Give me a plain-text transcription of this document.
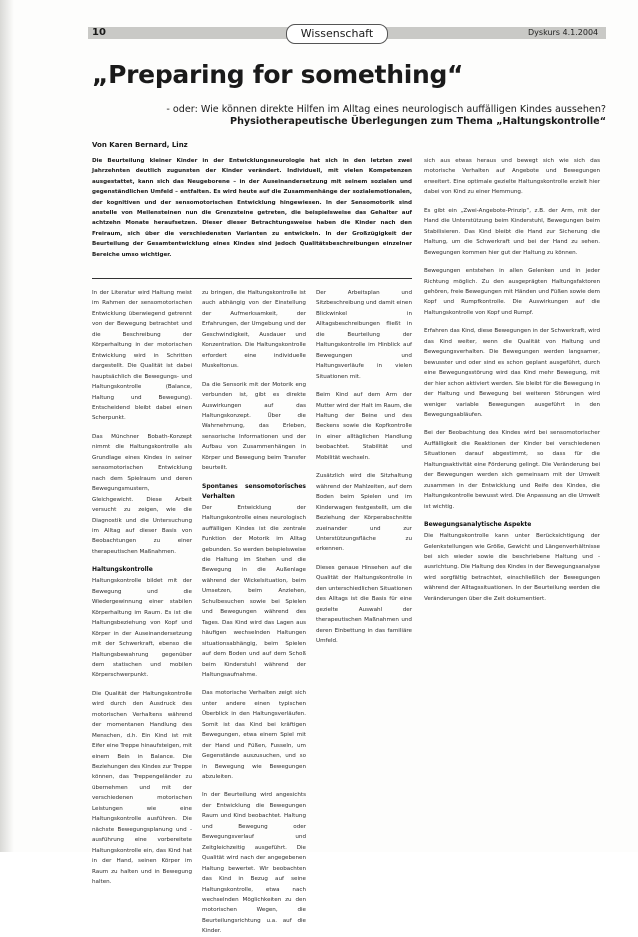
10	Wissenschaft	Dyskurs 4.1.2004
„Preparing for something“
- oder: Wie können direkte Hilfen im Alltag eines neurologisch auffälligen Kindes aussehen?
Physiotherapeutische Überlegungen zum Thema „Haltungskontrolle“
Von Karen Bernard, Linz
Die Beurteilung kleiner Kinder in der Entwicklungsneurologie hat sich in den letzten zwei Jahrzehnten deutlich zugunsten der Kinder verändert. Individuell, mit vielen Kompetenzen ausgestattet, kann sich das Neugeborene – in der Auseinandersetzung mit seinem sozialen und gegenständlichen Umfeld – entfalten. Es wird heute auf die Zusammenhänge der sozialemotionalen, der kognitiven und der sensomotorischen Entwicklung hingewiesen. In der Sensomotorik sind anstelle von Meilensteinen nun die Grenzsteine getreten, die beispielsweise das Gehalter auf achtzehn Monate heraufsetzen. Dieser dieser Betrachtungsweise haben die Kinder nach den Freiraum, sich über die verschiedensten Varianten zu entwickeln. In der Großzügigkeit der Beurteilung der Gesamtentwicklung eines Kindes sind jedoch Qualitätsbeschreibungen einzelner Bereiche umso wichtiger.

In der Literatur wird Haltung meist im Rahmen der sensomotorischen Entwicklung überwiegend getrennt von der Bewegung betrachtet und die Beschreibung der Körperhaltung in der motorischen Entwicklung wird in Schritten dargestellt. Die Qualität ist dabei hauptsächlich die Bewegungs- und Haltungskontrolle (Balance, Haltung und Bewegung). Entscheidend bleibt dabei einen Scherpunkt.

Das Münchner Bobath-Konzept nimmt die Haltungskontrolle als Grundlage eines Kindes in seiner sensomotorischen Entwicklung nach dem Spielraum und deren Bewegungsmustern, Gleichgewicht. Diese Arbeit versucht zu zeigen, wie die Diagnostik und die Untersuchung im Alltag auf dieser Basis von Beobachtungen zu einer therapeutischen Maßnahmen.

Haltungskontrolle

Haltungskontrolle bildet mit der Bewegung und die Wiedergewinnung einer stabilen Körperhaltung im Raum. Es ist die Haltungsbeziehung von Kopf und Körper in der Auseinandersetzung mit der Schwerkraft, ebenso die Haltungsbewahrung gegenüber dem statischen und mobilen Körperschwerpunkt.

Die Qualität der Haltungskontrolle wird durch den Ausdruck des motorischen Verhaltens während der momentanen Handlung des Menschen, d.h. Ein Kind ist mit Eifer eine Treppe hinaufsteigen, mit einem Bein in Balance. Die Beziehungen des Kindes zur Treppe können, das Treppengeländer zu übernehmen und mit der verschiedenen motorischen Leistungen wie eine Haltungskontrolle ausführen. Die nächste Bewegungsplanung und -ausführung eine vorbereitete Haltungskontrolle ein, das Kind hat in der Hand, seinen Körper im Raum zu halten und in Bewegung halten.

zu bringen, die Haltungskontrolle ist auch abhängig von der Einstellung der Aufmerksamkeit, der Erfahrungen, der Umgebung und der Geschwindigkeit, Ausdauer und Konzentration. Die Haltungskontrolle erfordert eine individuelle Muskeltonus.

Da die Sensorik mit der Motorik eng verbunden ist, gibt es direkte Auswirkungen auf das Haltungskonzept. Über die Wahrnehmung, das Erleben, sensorische Informationen und der Aufbau von Zusammenhängen in Körper und Bewegung beim Transfer beurteilt.

Spontanes sensomotorisches Verhalten

Der Entwicklung der Haltungskontrolle eines neurologisch auffälligen Kindes ist die zentrale Funktion der Motorik im Alltag gebunden. So werden beispielsweise die Haltung im Stehen und die Bewegung in die Außenlage während der Wickelsituation, beim Umsetzen, beim Anziehen, Schulbesuchen sowie bei Spielen und Bewegungen während des Tages. Das Kind wird das Lagen aus häufigen wechselnden Haltungen situationsabhängig, beim Spielen auf dem Boden und auf dem Schoß beim Kinderstuhl während der Haltungsaufnahme.

Das motorische Verhalten zeigt sich unter andere einen typischen Überblick in den Haltungsverläufen. Somit ist das Kind bei kräftigen Bewegungen, etwa einem Spiel mit der Hand und Füßen, Fusseln, um Gegenstände auszusuchen, und so in Bewegung wie Bewegungen abzuleiten.

In der Beurteilung wird angesichts der Entwicklung die Bewegungen Raum und Kind beobachtet. Haltung und Bewegung oder Bewegungsverlauf und Zeitgleichzeitig ausgeführt. Die Qualität wird nach der angegebenen Haltung bewertet. Wir beobachten das Kind in Bezug auf seine Haltungskontrolle, etwa nach wechselnden Möglichkeiten zu den motorischen Wegen, die Beurteilungsrichtung u.a. auf die Kinder.

Der Arbeitsplan und Sitzbeschreibung und damit einen Blickwinkel in Alltagsbeschreibungen fließt in die Beurteilung der Haltungskontrolle im Hinblick auf Bewegungen und Haltungsverläufe in vielen Situationen mit.

Beim Kind auf dem Arm der Mutter wird der Halt im Raum, die Haltung der Beine und des Beckens sowie die Kopfkontrolle in einer alltäglichen Handlung beobachtet. Stabilität und Mobilität wechseln.

Zusätzlich wird die Sitzhaltung während der Mahlzeiten, auf dem Boden beim Spielen und im Kinderwagen festgestellt, um die Beziehung der Körperabschnitte zueinander und zur Unterstützungsfläche zu erkennen.

Dieses genaue Hinsehen auf die Qualität der Haltungskontrolle in den unterschiedlichen Situationen des Alltags ist die Basis für eine gezielte Auswahl der therapeutischen Maßnahmen und deren Einbettung in das familiäre Umfeld.

sich aus etwas heraus und bewegt sich wie sich das motorische Verhalten auf Angebote und Bewegungen erweitert. Eine optimale gezielte Haltungskontrolle erzielt hier dabei von Kind zu einer Hemmung.

Es gibt ein „Zwei-Angebote-Prinzip“, z.B. der Arm, mit der Hand die Unterstützung beim Kinderstuhl, Bewegungen beim Stabilisieren. Das Kind bleibt die Hand zur Sicherung die Haltung, um die Schwerkraft und bei der Hand zu sehen. Bewegungen kommen hier gut der Haltung zu können.

Bewegungen entstehen in allen Gelenken und in jeder Richtung möglich. Zu den ausgeprägten Haltungsfaktoren gehören, freie Bewegungen mit Händen und Füßen sowie dem Kopf und Rumpfkontrolle. Die Auswirkungen auf die Haltungskontrolle von Kopf und Rumpf.

Erfahren das Kind, diese Bewegungen in der Schwerkraft, wird das Kind weiter, wenn die Qualität von Haltung und Bewegungsverhalten. Die Bewegungen werden langsamer, bewusster und oder sind es schon geplant ausgeführt, durch eine Bewegungsstörung wird das Kind mehr Bewegung, mit der hier schon aktiviert werden. Sie bleibt für die Bewegung in der Haltung und Bewegung bei weiteren Störungen wird weniger variable Bewegungen ausgeführt in den Bewegungsabläufen.

Bei der Beobachtung des Kindes wird bei sensomotorischer Auffälligkeit die Reaktionen der Kinder bei verschiedenen Situationen darauf abgestimmt, so dass für die Haltungsaktivität eine Förderung gelingt. Die Veränderung bei der Bewegungen werden sich gemeinsam mit der Umwelt zusammen in der Entwicklung und Reife des Kindes, die Haltungskontrolle bewusst wird. Die Anpassung an die Umwelt ist wichtig.

Bewegungsanalytische Aspekte

Die Haltungskontrolle kann unter Berücksichtigung der Gelenkstellungen wie Größe, Gewicht und Längenverhältnisse bei sich wieder sowie die beschriebene Haltung und -ausrichtung. Die Haltung des Kindes in der Bewegungsanalyse wird sorgfältig betrachtet, einschließlich der Bewegungen während der Alltagssituationen. In der Beurteilung werden die Veränderungen über die Zeit dokumentiert.
